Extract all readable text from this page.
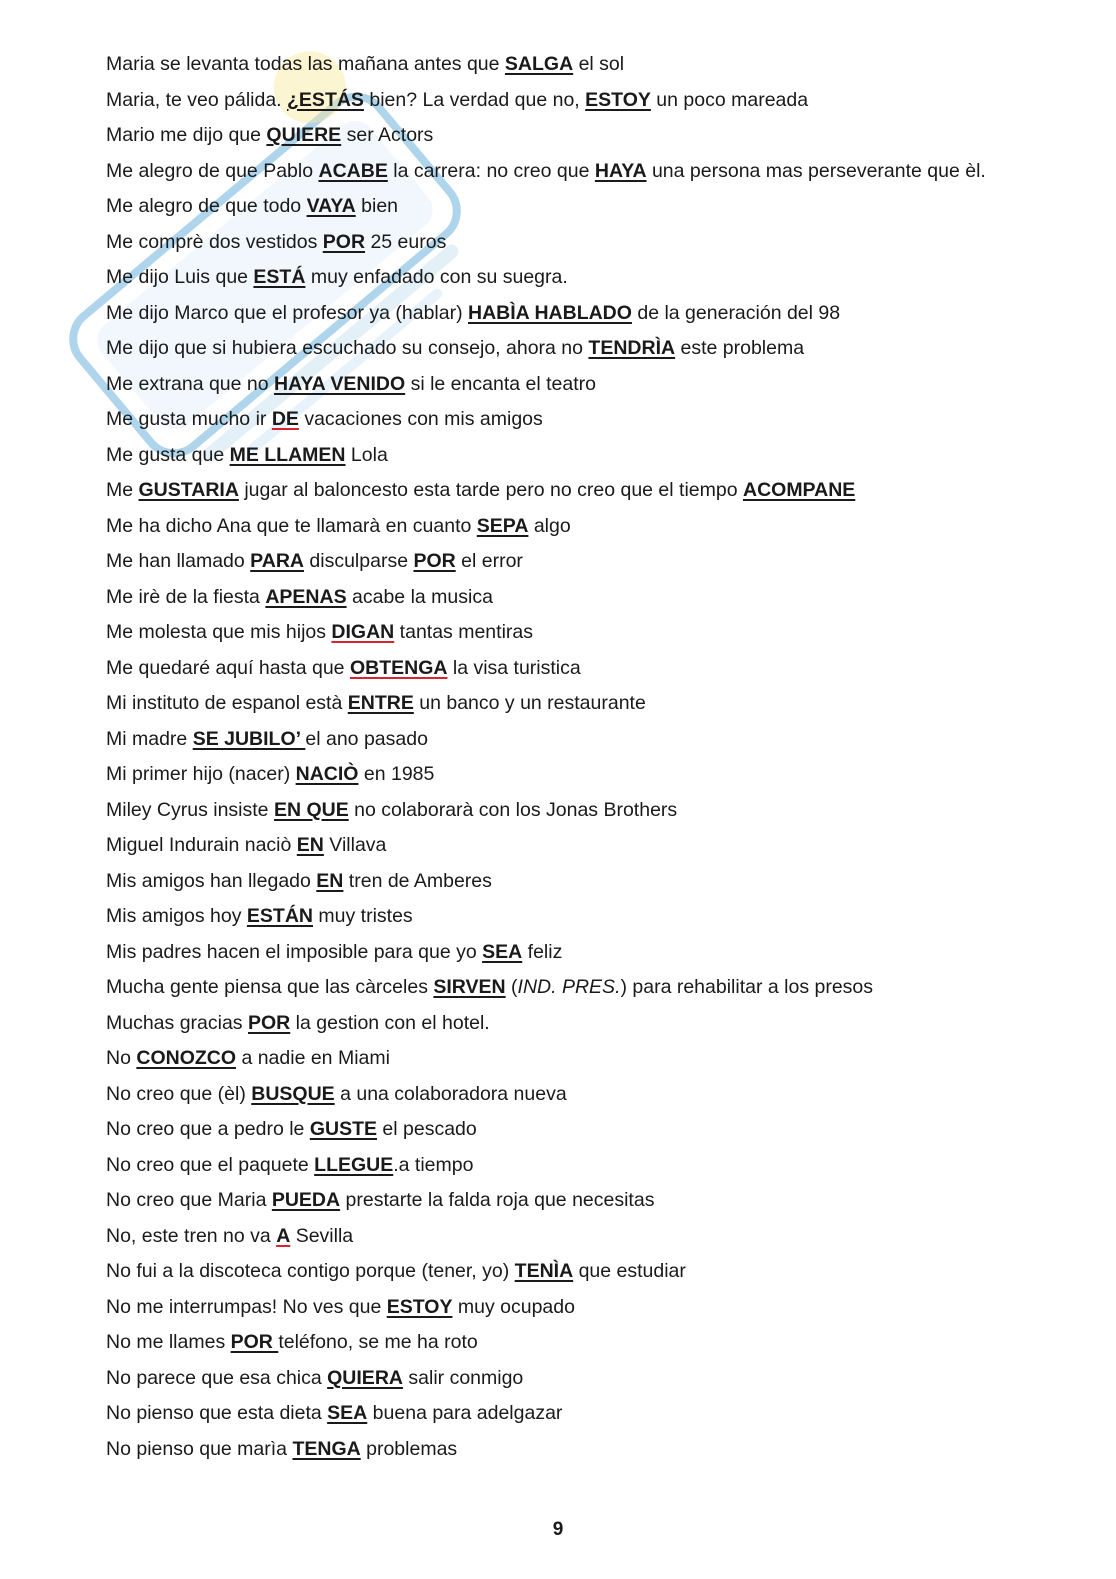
Maria se levanta todas las mañana antes que SALGA el sol
Maria, te veo pálida. ¿ESTÁS bien? La verdad que no, ESTOY un poco mareada
Mario me dijo que QUIERE ser Actors
Me alegro de que Pablo ACABE la carrera: no creo que HAYA una persona mas perseverante que èl.
Me alegro de que todo VAYA bien
Me comprè dos vestidos POR 25 euros
Me dijo Luis que ESTÁ muy enfadado con su suegra.
Me dijo Marco que el profesor ya (hablar) HABÌA HABLADO de la generación del 98
Me dijo que si hubiera escuchado su consejo, ahora no TENDRÌA este problema
Me extrana que no HAYA VENIDO si le encanta el teatro
Me gusta mucho ir DE vacaciones con mis amigos
Me gusta que ME LLAMEN Lola
Me GUSTARIA jugar al baloncesto esta tarde pero no creo que el tiempo ACOMPANE
Me ha dicho Ana que te llamarà en cuanto SEPA algo
Me han llamado PARA disculparse POR el error
Me irè de la fiesta APENAS acabe la musica
Me molesta que mis hijos DIGAN tantas mentiras
Me quedaré aquí hasta que OBTENGA la visa turistica
Mi instituto de espanol està ENTRE un banco y un restaurante
Mi madre SE JUBILO’ el ano pasado
Mi primer hijo (nacer) NACIÒ en 1985
Miley Cyrus insiste EN QUE no colaborarà con los Jonas Brothers
Miguel Indurain naciò EN Villava
Mis amigos han llegado EN tren de Amberes
Mis amigos hoy ESTÁN muy tristes
Mis padres hacen el imposible para que yo SEA feliz
Mucha gente piensa que las càrceles SIRVEN (IND. PRES.) para rehabilitar a los presos
Muchas gracias POR la gestion con el hotel.
No CONOZCO a nadie en Miami
No creo que (èl) BUSQUE a una colaboradora nueva
No creo que a pedro le GUSTE el pescado
No creo que el paquete LLEGUE.a tiempo
No creo que Maria PUEDA prestarte la falda roja que necesitas
No, este tren no va A Sevilla
No fui a la discoteca contigo porque (tener, yo) TENÌA que estudiar
No me interrumpas! No ves que ESTOY muy ocupado
No me llames POR teléfono, se me ha roto
No parece que esa chica QUIERA salir conmigo
No pienso que esta dieta SEA buena para adelgazar
No pienso que marìa TENGA problemas
9
